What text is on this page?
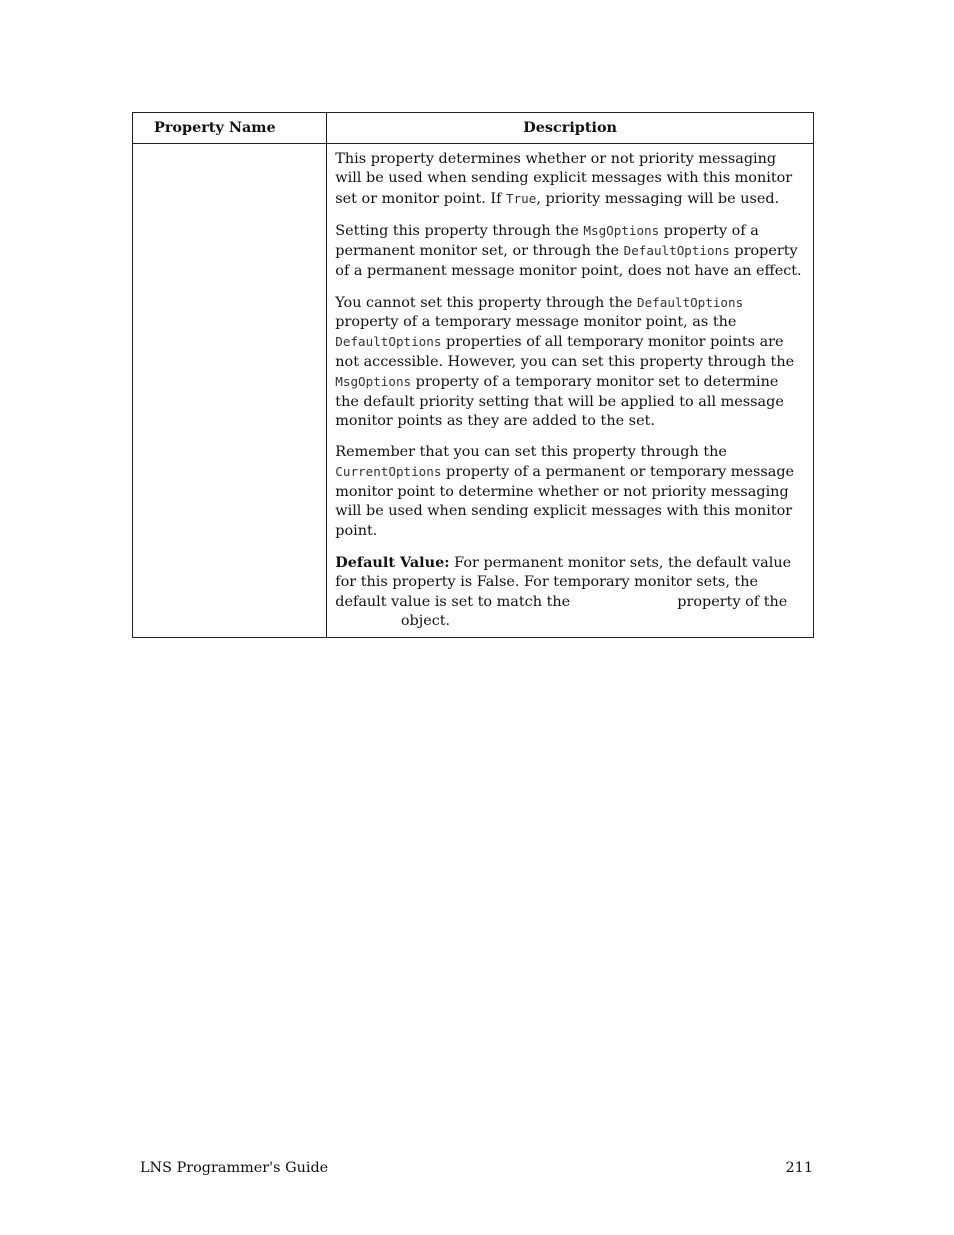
Property Name	Description

	This property determines whether or not priority messaging will be used when sending explicit messages with this monitor set or monitor point. If True, priority messaging will be used.

Setting this property through the MsgOptions property of a permanent monitor set, or through the DefaultOptions property of a permanent message monitor point, does not have an effect.

You cannot set this property through the DefaultOptions property of a temporary message monitor point, as the DefaultOptions properties of all temporary monitor points are not accessible. However, you can set this property through the MsgOptions property of a temporary monitor set to determine the default priority setting that will be applied to all message monitor points as they are added to the set.

Remember that you can set this property through the CurrentOptions property of a permanent or temporary message monitor point to determine whether or not priority messaging will be used when sending explicit messages with this monitor point.

Default Value: For permanent monitor sets, the default value for this property is False. For temporary monitor sets, the default value is set to match the property of the  object.

LNS Programmer's Guide	211
